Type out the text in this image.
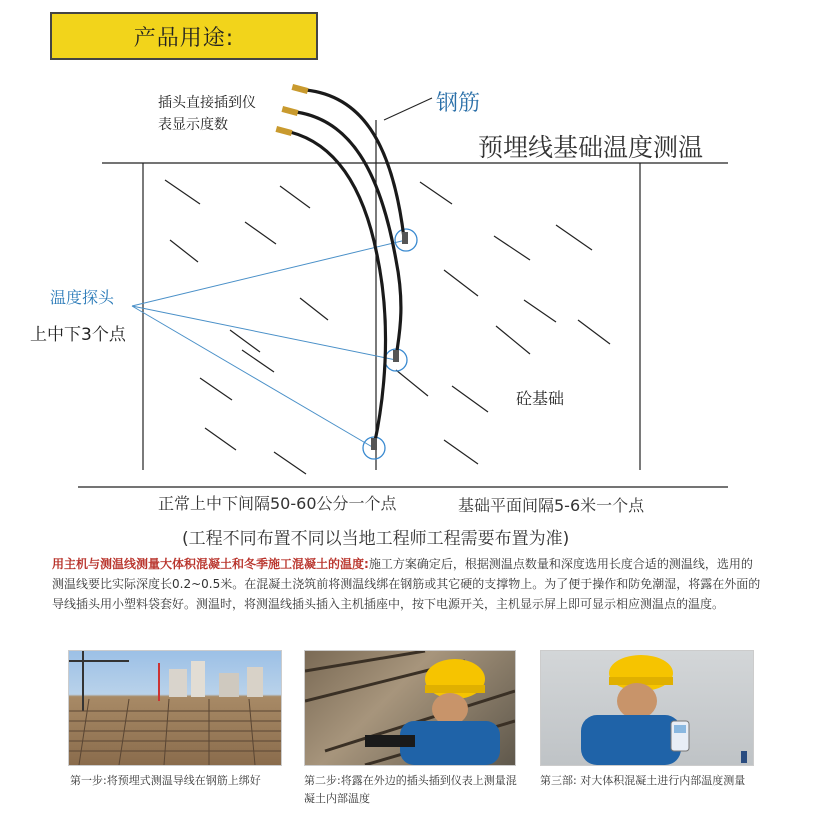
产品用途:
插头直接插到仪
表显示度数
钢筋
预埋线基础温度测温
温度探头
上中下3个点
砼基础
正常上中下间隔50-60公分一个点	基础平面间隔5-6米一个点
(工程不同布置不同以当地工程师工程需要布置为准)
用主机与测温线测量大体积混凝土和冬季施工混凝土的温度:施工方案确定后，根据测温点数量和深度选用长度合适的测温线，选用的测温线要比实际深度长0.2~0.5米。在混凝土浇筑前将测温线绑在钢筋或其它硬的支撑物上。为了便于操作和防免潮湿，将露在外面的导线插头用小塑料袋套好。测温时，将测温线插头插入主机插座中，按下电源开关，主机显示屏上即可显示相应测温点的温度。
第一步:将预埋式测温导线在钢筋上绑好	第二步:将露在外边的插头插到仪表上测量混凝土内部温度
第三部: 对大体积混凝土进行内部温度测量
